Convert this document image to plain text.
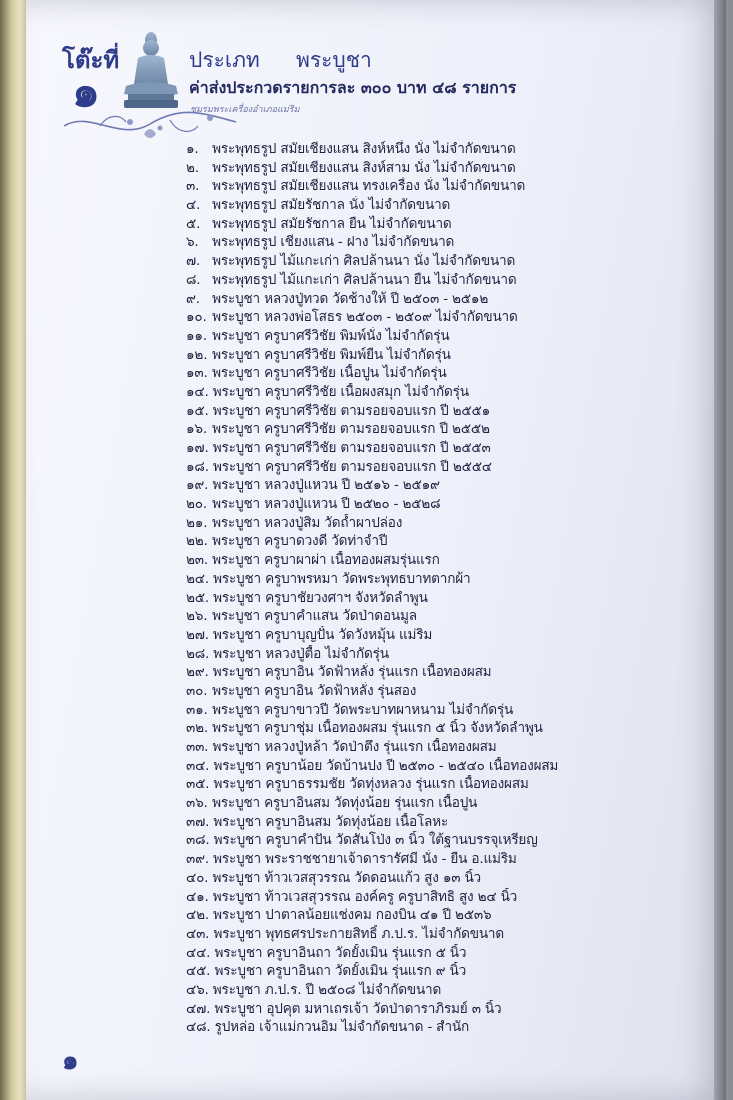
โต๊ะที่
๑
ประเภท พระบูชา
ค่าส่งประกวดรายการละ ๓๐๐ บาท ๔๘ รายการ
ชมรมพระเครื่องอำเภอแม่ริม
๑. พระพุทธรูป สมัยเชียงแสน สิงห์หนึ่ง นั่ง ไม่จำกัดขนาด
๒. พระพุทธรูป สมัยเชียงแสน สิงห์สาม นั่ง ไม่จำกัดขนาด
๓. พระพุทธรูป สมัยเชียงแสน ทรงเครื่อง นั่ง ไม่จำกัดขนาด
๔. พระพุทธรูป สมัยรัชกาล นั่ง ไม่จำกัดขนาด
๕. พระพุทธรูป สมัยรัชกาล ยืน ไม่จำกัดขนาด
๖. พระพุทธรูป เชียงแสน - ฝาง ไม่จำกัดขนาด
๗. พระพุทธรูป ไม้แกะเก่า ศิลปล้านนา นั่ง ไม่จำกัดขนาด
๘. พระพุทธรูป ไม้แกะเก่า ศิลปล้านนา ยืน ไม่จำกัดขนาด
๙. พระบูชา หลวงปู่ทวด วัดช้างให้ ปี ๒๕๐๓ - ๒๕๑๒
๑๐. พระบูชา หลวงพ่อโสธร ๒๕๐๓ - ๒๕๐๙ ไม่จำกัดขนาด
๑๑. พระบูชา ครูบาศรีวิชัย พิมพ์นั่ง ไม่จำกัดรุ่น
๑๒. พระบูชา ครูบาศรีวิชัย พิมพ์ยืน ไม่จำกัดรุ่น
๑๓. พระบูชา ครูบาศรีวิชัย เนื้อปูน ไม่จำกัดรุ่น
๑๔. พระบูชา ครูบาศรีวิชัย เนื้อผงสมุก ไม่จำกัดรุ่น
๑๕. พระบูชา ครูบาศรีวิชัย ตามรอยจอบแรก ปี ๒๕๕๑
๑๖. พระบูชา ครูบาศรีวิชัย ตามรอยจอบแรก ปี ๒๕๕๒
๑๗. พระบูชา ครูบาศรีวิชัย ตามรอยจอบแรก ปี ๒๕๕๓
๑๘. พระบูชา ครูบาศรีวิชัย ตามรอยจอบแรก ปี ๒๕๕๔
๑๙. พระบูชา หลวงปู่แหวน ปี ๒๕๑๖ - ๒๕๑๙
๒๐. พระบูชา หลวงปู่แหวน ปี ๒๕๒๐ - ๒๕๒๘
๒๑. พระบูชา หลวงปู่สิม วัดถ้ำผาปล่อง
๒๒. พระบูชา ครูบาดวงดี วัดท่าจำปี
๒๓. พระบูชา ครูบาผาผ่า เนื้อทองผสมรุ่นแรก
๒๔. พระบูชา ครูบาพรหมา วัดพระพุทธบาทตากผ้า
๒๕. พระบูชา ครูบาชัยวงศาฯ จังหวัดลำพูน
๒๖. พระบูชา ครูบาคำแสน วัดป่าดอนมูล
๒๗. พระบูชา ครูบาบุญปั๋น วัดวังหมุ้น แม่ริม
๒๘. พระบูชา หลวงปู่ตื้อ ไม่จำกัดรุ่น
๒๙. พระบูชา ครูบาอิน วัดฟ้าหลั่ง รุ่นแรก เนื้อทองผสม
๓๐. พระบูชา ครูบาอิน วัดฟ้าหลั่ง รุ่นสอง
๓๑. พระบูชา ครูบาขาวปี วัดพระบาทผาหนาม ไม่จำกัดรุ่น
๓๒. พระบูชา ครูบาชุ่ม เนื้อทองผสม รุ่นแรก ๕ นิ้ว จังหวัดลำพูน
๓๓. พระบูชา หลวงปู่หล้า วัดป่าตึง รุ่นแรก เนื้อทองผสม
๓๔. พระบูชา ครูบาน้อย วัดบ้านปง ปี ๒๕๓๐ - ๒๕๔๐ เนื้อทองผสม
๓๕. พระบูชา ครูบาธรรมชัย วัดทุ่งหลวง รุ่นแรก เนื้อทองผสม
๓๖. พระบูชา ครูบาอินสม วัดทุ่งน้อย รุ่นแรก เนื้อปูน
๓๗. พระบูชา ครูบาอินสม วัดทุ่งน้อย เนื้อโลหะ
๓๘. พระบูชา ครูบาคำปัน วัดสันโป่ง ๓ นิ้ว ใต้ฐานบรรจุเหรียญ
๓๙. พระบูชา พระราชชายาเจ้าดารารัศมี นั่ง - ยืน อ.แม่ริม
๔๐. พระบูชา ท้าวเวสสุวรรณ วัดดอนแก้ว สูง ๑๓ นิ้ว
๔๑. พระบูชา ท้าวเวสสุวรรณ องค์ครู ครูบาสิทธิ สูง ๒๔ นิ้ว
๔๒. พระบูชา ปาตาลน้อยแช่งคม กองบิน ๔๑ ปี ๒๕๓๖
๔๓. พระบูชา พุทธศรประกายสิทธิ์ ภ.ป.ร. ไม่จำกัดขนาด
๔๔. พระบูชา ครูบาอินถา วัดยั้งเมิน รุ่นแรก ๕ นิ้ว
๔๕. พระบูชา ครูบาอินถา วัดยั้งเมิน รุ่นแรก ๙ นิ้ว
๔๖. พระบูชา ภ.ป.ร. ปี ๒๕๐๘ ไม่จำกัดขนาด
๔๗. พระบูชา อุปคุต มหาเถรเจ้า วัดป่าดาราภิรมย์ ๓ นิ้ว
๔๘. รูปหล่อ เจ้าแม่กวนอิม ไม่จำกัดขนาด - สำนัก
๑
